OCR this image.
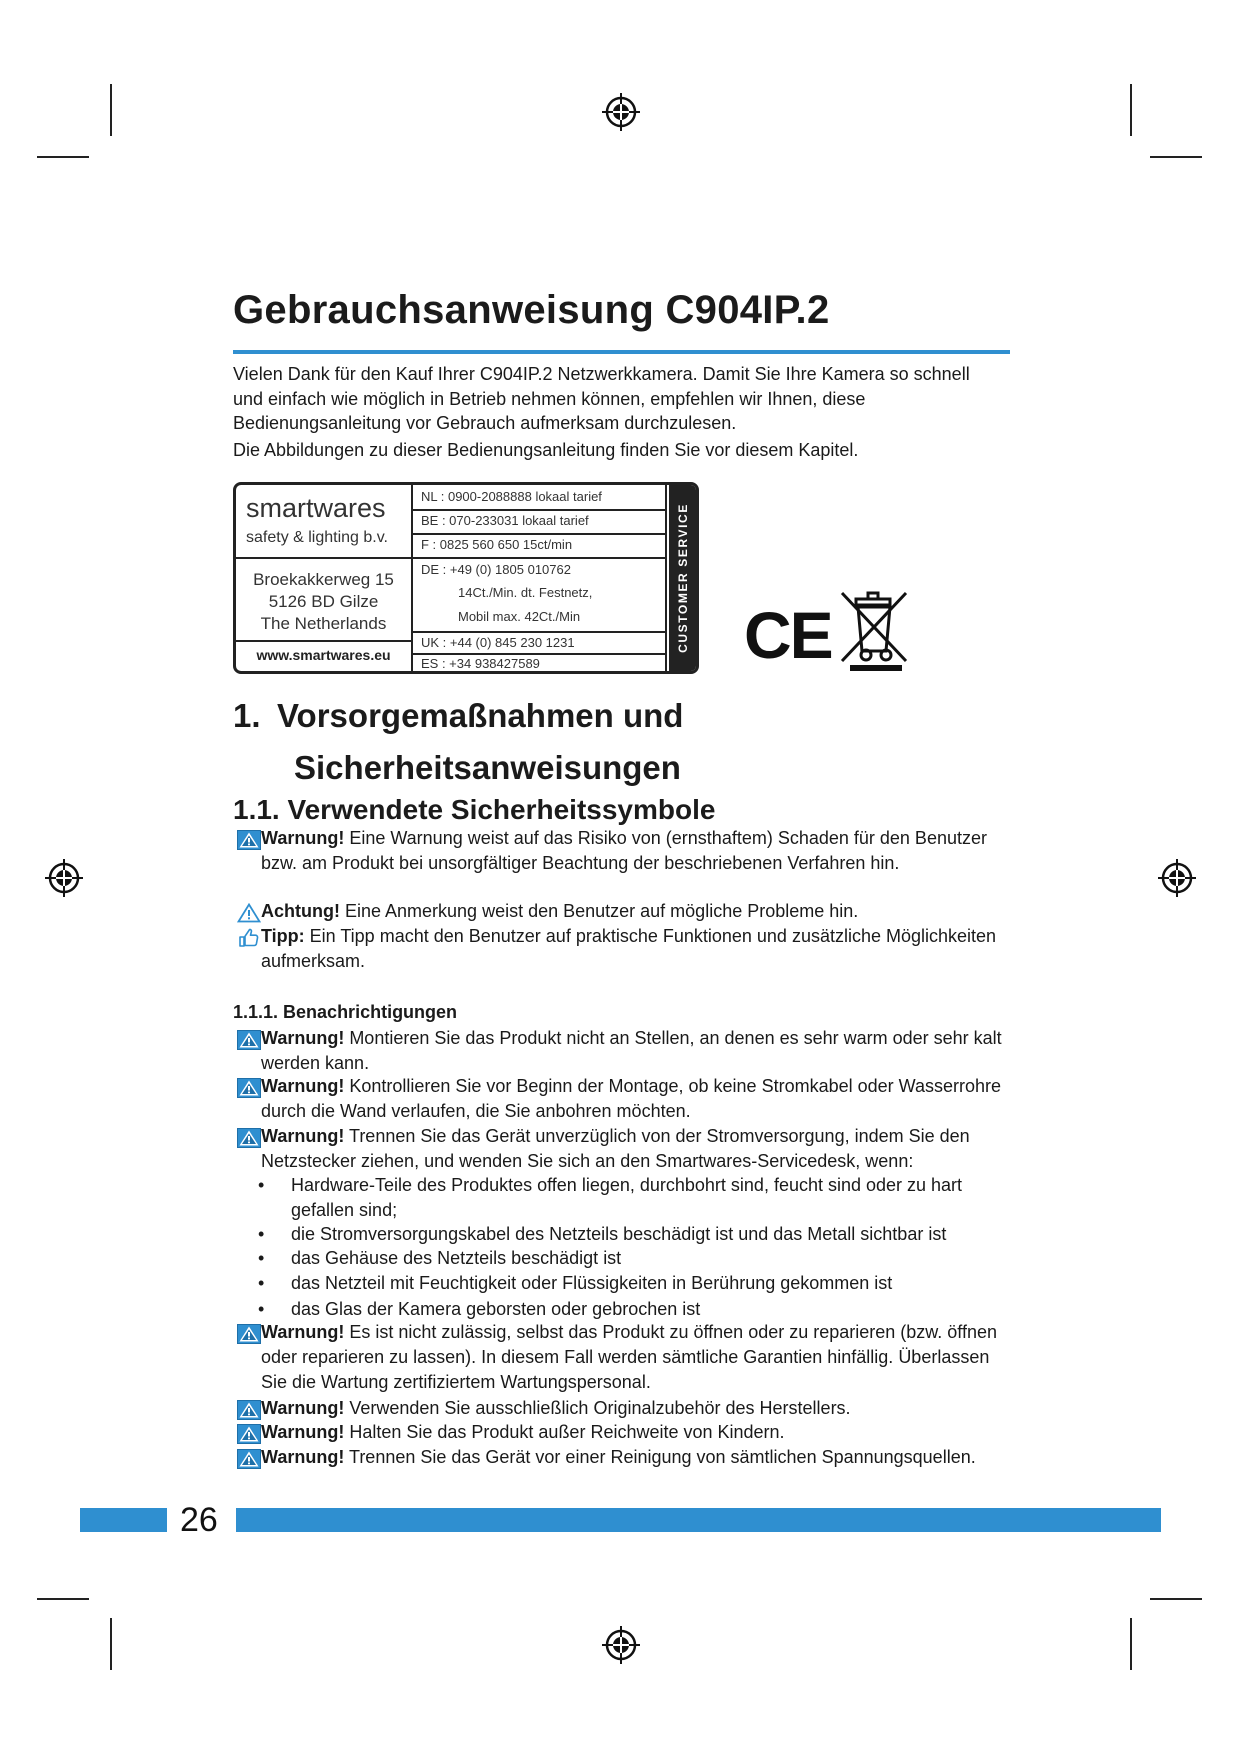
Gebrauchsanweisung C904IP.2

Vielen Dank für den Kauf Ihrer C904IP.2 Netzwerkkamera. Damit Sie Ihre Kamera so schnell und einfach wie möglich in Betrieb nehmen können, empfehlen wir Ihnen, diese Bedienungsanleitung vor Gebrauch aufmerksam durchzulesen.

Die Abbildungen zu dieser Bedienungsanleitung finden Sie vor diesem Kapitel.

smartwares
safety & lighting b.v.
Broekakkerweg 15
5126 BD Gilze
The Netherlands
www.smartwares.eu
NL : 0900-2088888 lokaal tarief
BE : 070-233031 lokaal tarief
F : 0825 560 650 15ct/min
DE : +49 (0) 1805 010762
14Ct./Min. dt. Festnetz,
Mobil max. 42Ct./Min
UK : +44 (0) 845 230 1231
ES : +34 938427589
CUSTOMER SERVICE CE
1. Vorsorgemaßnahmen und
Sicherheitsanweisungen
1.1. Verwendete Sicherheitssymbole
Warnung! Eine Warnung weist auf das Risiko von (ernsthaftem) Schaden für den Benutzer bzw. am Produkt bei unsorgfältiger Beachtung der beschriebenen Verfahren hin.
Achtung! Eine Anmerkung weist den Benutzer auf mögliche Probleme hin.
Tipp: Ein Tipp macht den Benutzer auf praktische Funktionen und zusätzliche Möglichkeiten aufmerksam.
1.1.1. Benachrichtigungen
Warnung! Montieren Sie das Produkt nicht an Stellen, an denen es sehr warm oder sehr kalt werden kann.
Warnung! Kontrollieren Sie vor Beginn der Montage, ob keine Stromkabel oder Wasserrohre durch die Wand verlaufen, die Sie anbohren möchten.
Warnung! Trennen Sie das Gerät unverzüglich von der Stromversorgung, indem Sie den Netzstecker ziehen, und wenden Sie sich an den Smartwares-Servicedesk, wenn:
• Hardware-Teile des Produktes offen liegen, durchbohrt sind, feucht sind oder zu hart gefallen sind;
• die Stromversorgungskabel des Netzteils beschädigt ist und das Metall sichtbar ist
• das Gehäuse des Netzteils beschädigt ist
• das Netzteil mit Feuchtigkeit oder Flüssigkeiten in Berührung gekommen ist
• das Glas der Kamera geborsten oder gebrochen ist
Warnung! Es ist nicht zulässig, selbst das Produkt zu öffnen oder zu reparieren (bzw. öffnen oder reparieren zu lassen). In diesem Fall werden sämtliche Garantien hinfällig. Überlassen Sie die Wartung zertifiziertem Wartungspersonal.
Warnung! Verwenden Sie ausschließlich Originalzubehör des Herstellers.
Warnung! Halten Sie das Produkt außer Reichweite von Kindern.
Warnung! Trennen Sie das Gerät vor einer Reinigung von sämtlichen Spannungsquellen.
26
